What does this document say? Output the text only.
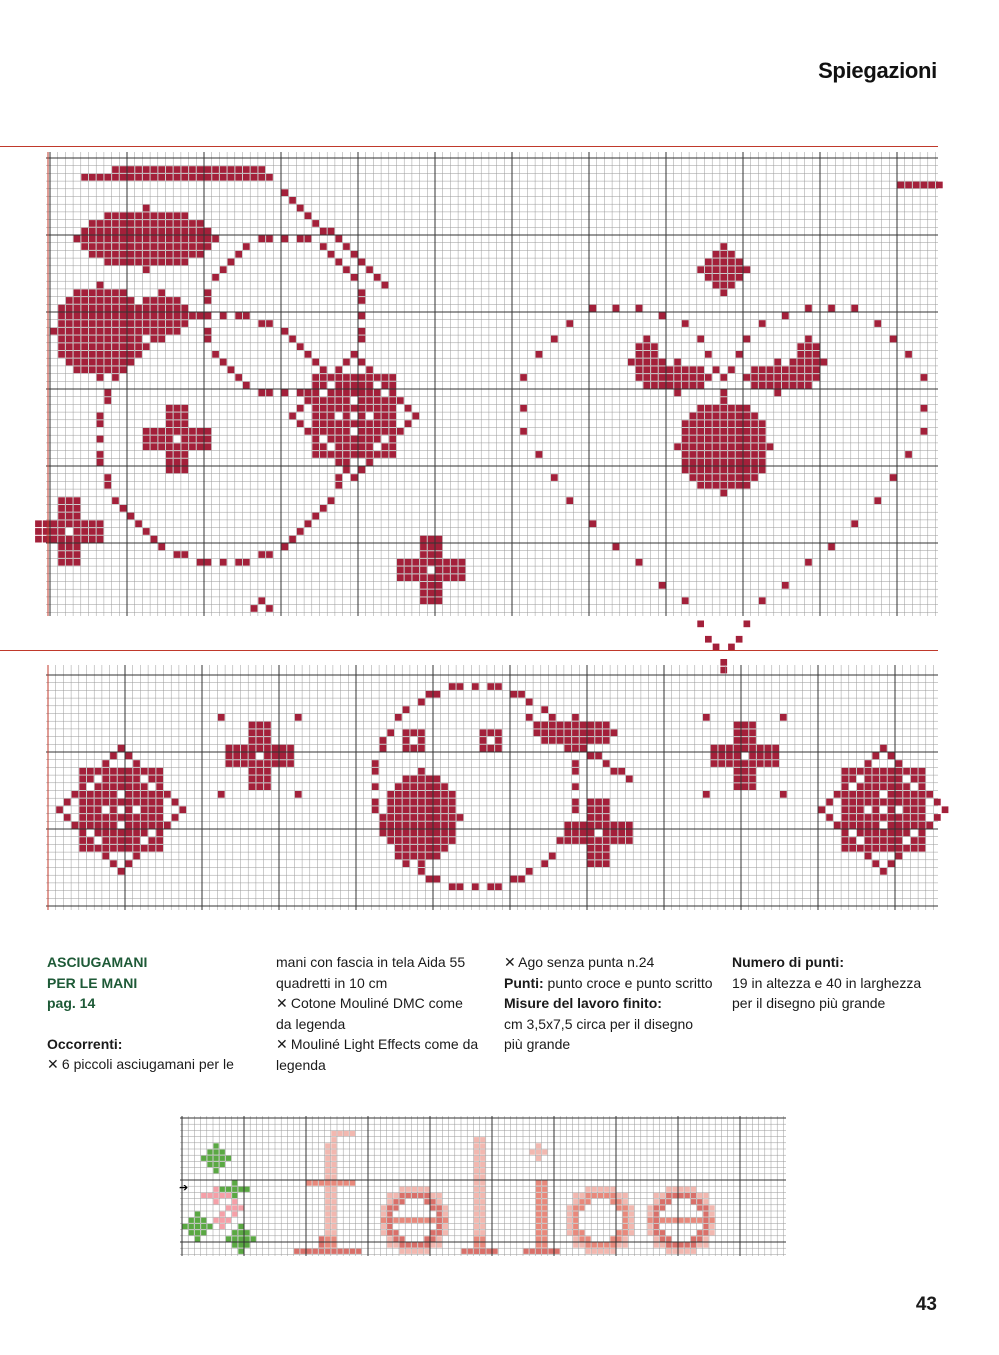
Spiegazioni

ASCIUGAMANI PER LE MANI

pag. 14

Occorrenti:

✕ 6 piccoli asciugamani per le

mani con fascia in tela Aida 55 quadretti in 10 cm

✕ Cotone Mouliné DMC come da legenda

✕ Mouliné Light Effects come da legenda

✕ Ago senza punta n.24

Punti: punto croce e punto scritto

Misure del lavoro finito:

cm 3,5x7,5 circa per il disegno più grande

Numero di punti:

19 in altezza e 40 in larghezza per il disegno più grande

➔
43
